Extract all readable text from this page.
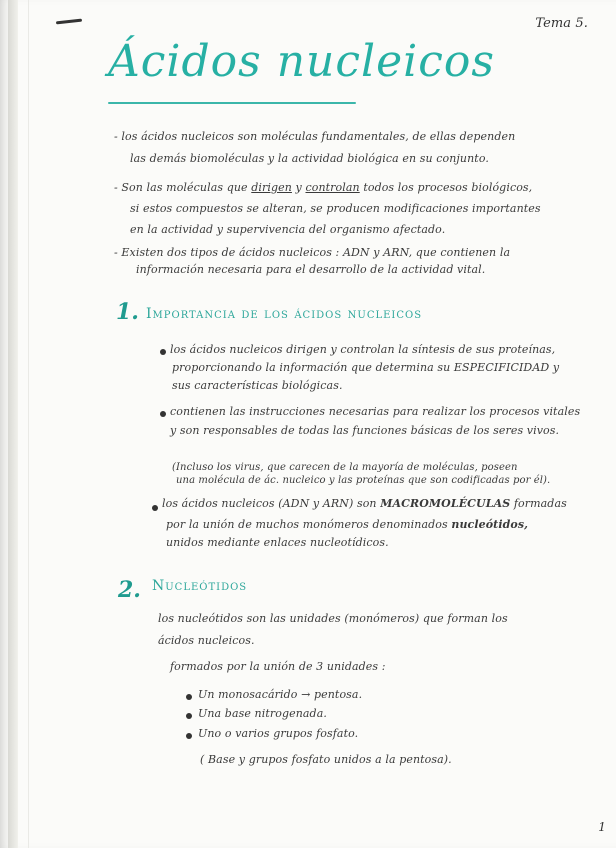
Tema 5.
Ácidos nucleicos
- los ácidos nucleicos son moléculas fundamentales, de ellas dependen
las demás biomoléculas y la actividad biológica en su conjunto.
- Son las moléculas que dirigen y controlan todos los procesos biológicos,
si estos compuestos se alteran, se producen modificaciones importantes
en la actividad y supervivencia del organismo afectado.
- Existen dos tipos de ácidos nucleicos : ADN y ARN, que contienen la
información necesaria para el desarrollo de la actividad vital.
1. Importancia de los ácidos nucleicos
los ácidos nucleicos dirigen y controlan la síntesis de sus proteínas,
proporcionando la información que determina su ESPECIFICIDAD y
sus características biológicas.
contienen las instrucciones necesarias para realizar los procesos vitales
y son responsables de todas las funciones básicas de los seres vivos.
(Incluso los virus, que carecen de la mayoría de moléculas, poseen
una molécula de ác. nucleico y las proteínas que son codificadas por él).
los ácidos nucleicos (ADN y ARN) son MACROMOLÉCULAS formadas
por la unión de muchos monómeros denominados nucleótidos,
unidos mediante enlaces nucleotídicos.
2. Nucleótidos
los nucleótidos son las unidades (monómeros) que forman los
ácidos nucleicos.
formados por la unión de 3 unidades :
Un monosacárido → pentosa.
Una base nitrogenada.
Uno o varios grupos fosfato.
( Base y grupos fosfato unidos a la pentosa).
1
